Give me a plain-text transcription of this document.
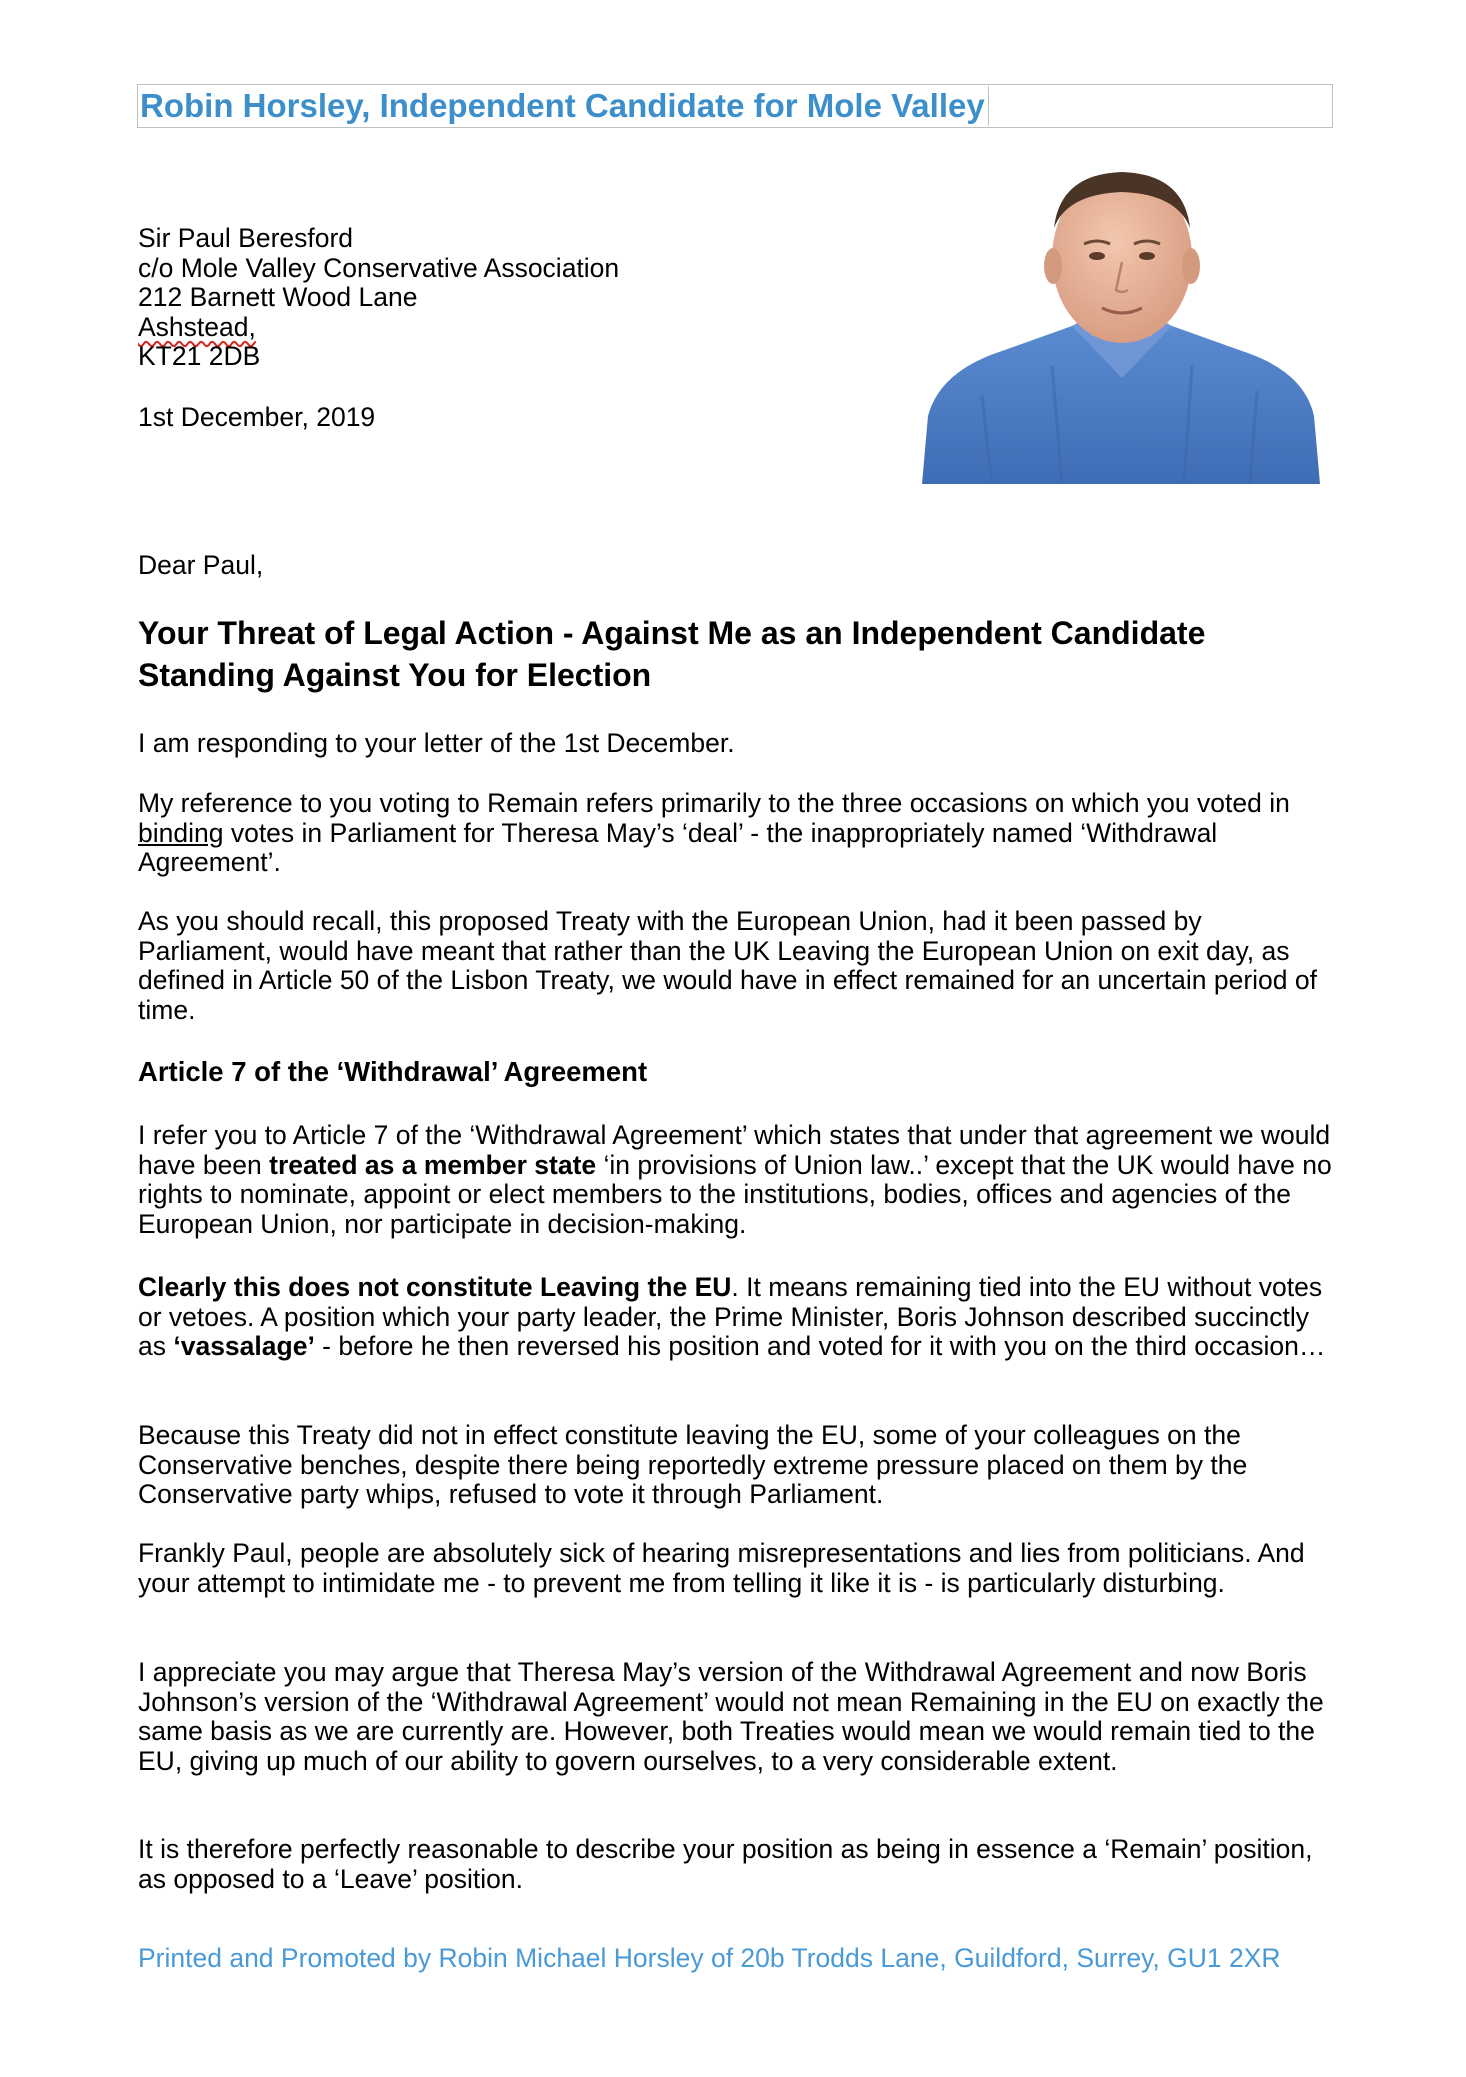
Robin Horsley, Independent Candidate for Mole Valley
Sir Paul Beresford
c/o Mole Valley Conservative Association
212 Barnett Wood Lane
Ashstead,
KT21 2DB
1st December, 2019
Dear Paul,
Your Threat of Legal Action - Against Me as an Independent Candidate Standing Against You for Election
I am responding to your letter of the 1st December.
My reference to you voting to Remain refers primarily to the three occasions on which you voted in binding votes in Parliament for Theresa May’s ‘deal’ - the inappropriately named ‘Withdrawal Agreement’.
As you should recall, this proposed Treaty with the European Union, had it been passed by Parliament, would have meant that rather than the UK Leaving the European Union on exit day, as defined in Article 50 of the Lisbon Treaty, we would have in effect remained for an uncertain period of time.
Article 7 of the ‘Withdrawal’ Agreement
I refer you to Article 7 of the ‘Withdrawal Agreement’ which states that under that agreement we would have been treated as a member state ‘in provisions of Union law..’ except that the UK would have no rights to nominate, appoint or elect members to the institutions, bodies, offices and agencies of the European Union, nor participate in decision-making.
Clearly this does not constitute Leaving the EU. It means remaining tied into the EU without votes or vetoes. A position which your party leader, the Prime Minister, Boris Johnson described succinctly as ‘vassalage’ - before he then reversed his position and voted for it with you on the third occasion…
Because this Treaty did not in effect constitute leaving the EU, some of your colleagues on the Conservative benches, despite there being reportedly extreme pressure placed on them by the Conservative party whips, refused to vote it through Parliament.
Frankly Paul, people are absolutely sick of hearing misrepresentations and lies from politicians. And your attempt to intimidate me - to prevent me from telling it like it is - is particularly disturbing.
I appreciate you may argue that Theresa May’s version of the Withdrawal Agreement and now Boris Johnson’s version of the ‘Withdrawal Agreement’ would not mean Remaining in the EU on exactly the same basis as we are currently are. However, both Treaties would mean we would remain tied to the EU, giving up much of our ability to govern ourselves, to a very considerable extent.
It is therefore perfectly reasonable to describe your position as being in essence a ‘Remain’ position, as opposed to a ‘Leave’ position.
Printed and Promoted by Robin Michael Horsley of 20b Trodds Lane, Guildford, Surrey, GU1 2XR
